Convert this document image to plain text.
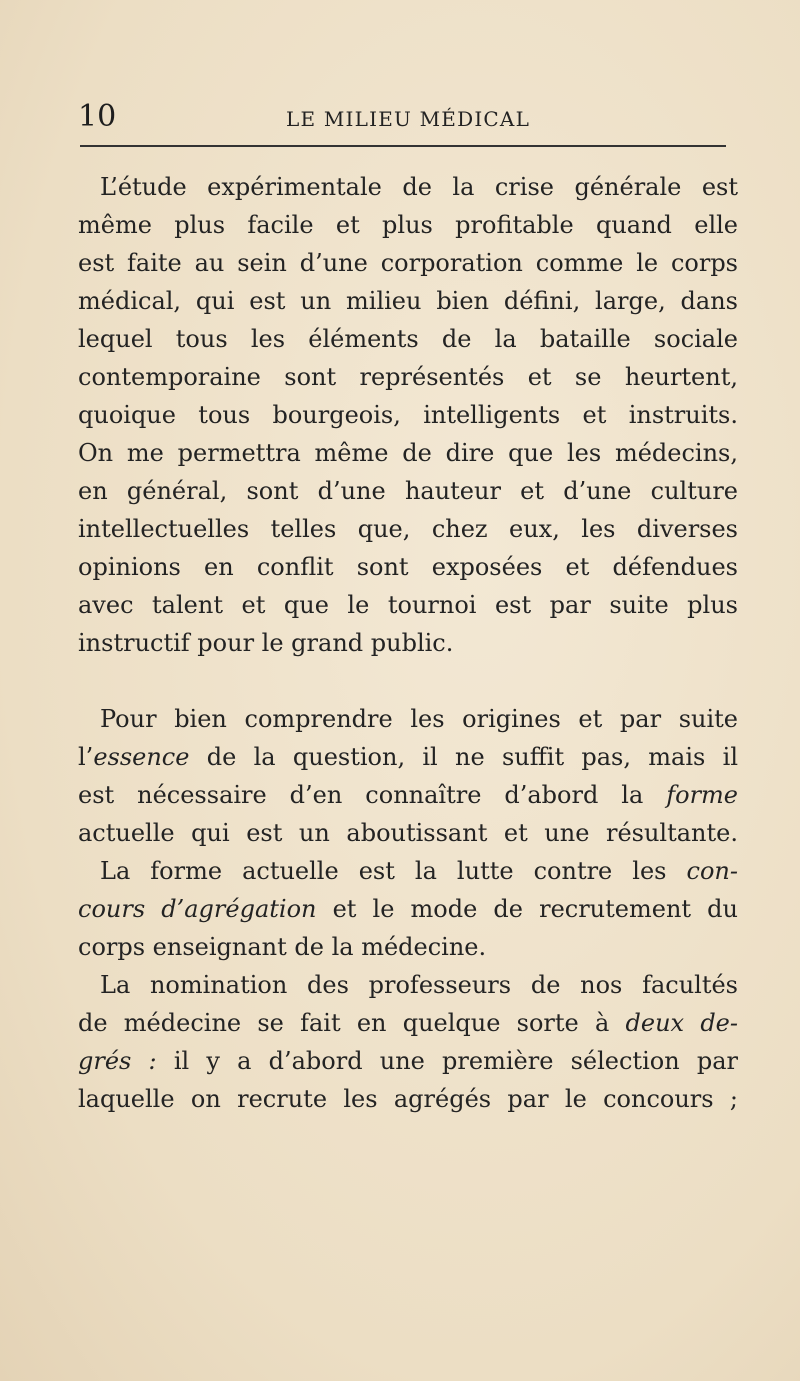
10	LE MILIEU MÉDICAL
L’étude expérimentale de la crise générale est
même plus facile et plus profitable quand elle
est faite au sein d’une corporation comme le corps
médical, qui est un milieu bien défini, large, dans
lequel tous les éléments de la bataille sociale
contemporaine sont représentés et se heurtent,
quoique tous bourgeois, intelligents et instruits.
On me permettra même de dire que les médecins,
en général, sont d’une hauteur et d’une culture
intellectuelles telles que, chez eux, les diverses
opinions en conflit sont exposées et défendues
avec talent et que le tournoi est par suite plus
instructif pour le grand public.
Pour bien comprendre les origines et par suite
l’essence de la question, il ne suffit pas, mais il
est nécessaire d’en connaître d’abord la forme
actuelle qui est un aboutissant et une résultante.
La forme actuelle est la lutte contre les con-
cours d’agrégation et le mode de recrutement du
corps enseignant de la médecine.
La nomination des professeurs de nos facultés
de médecine se fait en quelque sorte à deux de-
grés : il y a d’abord une première sélection par
laquelle on recrute les agrégés par le concours ;
